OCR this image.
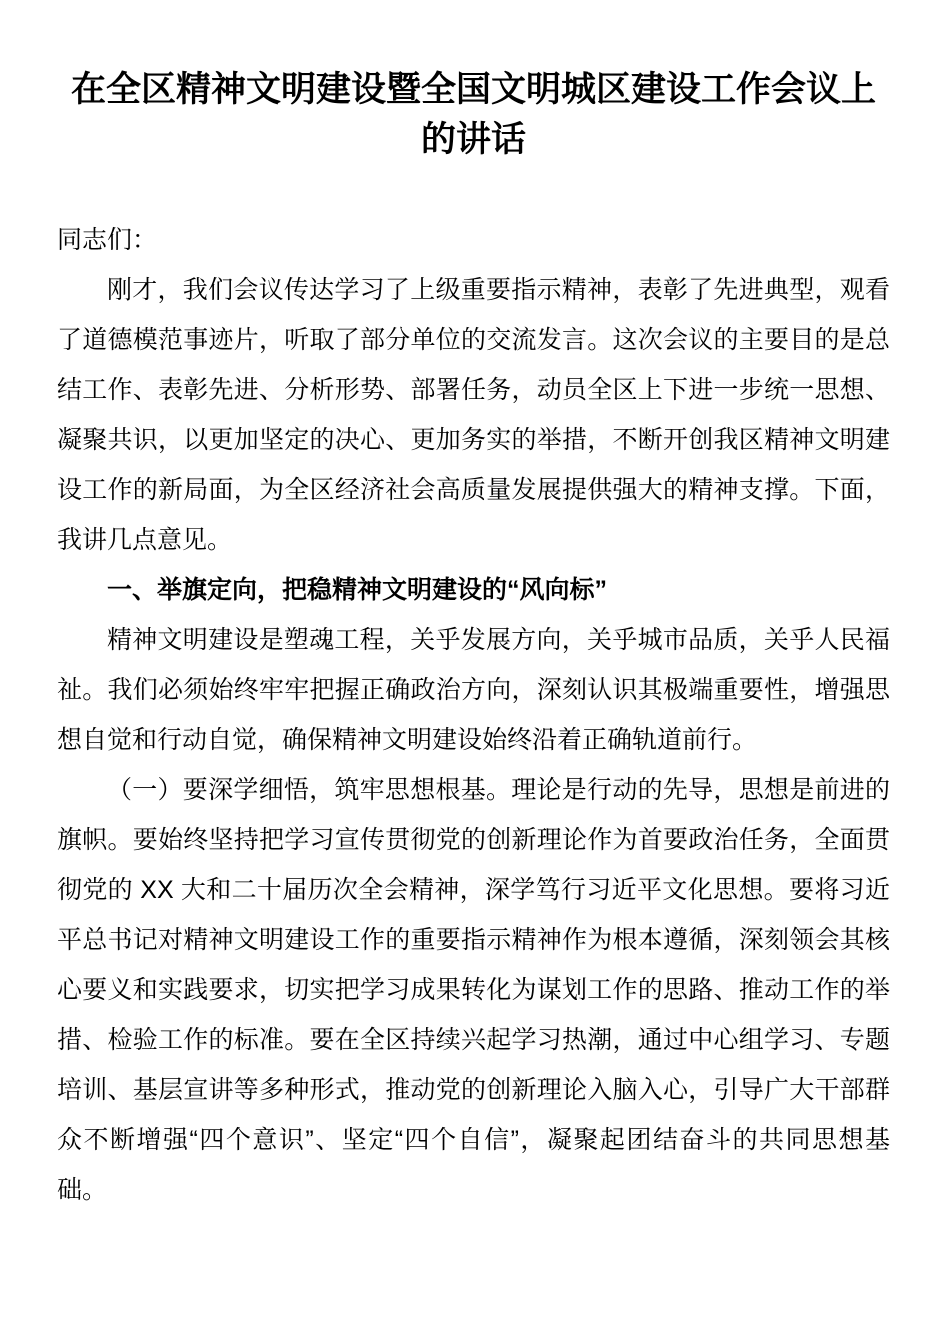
在全区精神文明建设暨全国文明城区建设工作会议上的讲话

同志们：

刚才，我们会议传达学习了上级重要指示精神，表彰了先进典型，观看了道德模范事迹片，听取了部分单位的交流发言。这次会议的主要目的是总结工作、表彰先进、分析形势、部署任务，动员全区上下进一步统一思想、凝聚共识，以更加坚定的决心、更加务实的举措，不断开创我区精神文明建设工作的新局面，为全区经济社会高质量发展提供强大的精神支撑。下面，我讲几点意见。

一、举旗定向，把稳精神文明建设的“风向标”

精神文明建设是塑魂工程，关乎发展方向，关乎城市品质，关乎人民福祉。我们必须始终牢牢把握正确政治方向，深刻认识其极端重要性，增强思想自觉和行动自觉，确保精神文明建设始终沿着正确轨道前行。

（一）要深学细悟，筑牢思想根基。理论是行动的先导，思想是前进的旗帜。要始终坚持把学习宣传贯彻党的创新理论作为首要政治任务，全面贯彻党的 XX 大和二十届历次全会精神，深学笃行习近平文化思想。要将习近平总书记对精神文明建设工作的重要指示精神作为根本遵循，深刻领会其核心要义和实践要求，切实把学习成果转化为谋划工作的思路、推动工作的举措、检验工作的标准。要在全区持续兴起学习热潮，通过中心组学习、专题培训、基层宣讲等多种形式，推动党的创新理论入脑入心，引导广大干部群众不断增强“四个意识”、坚定“四个自信”，凝聚起团结奋斗的共同思想基础。
